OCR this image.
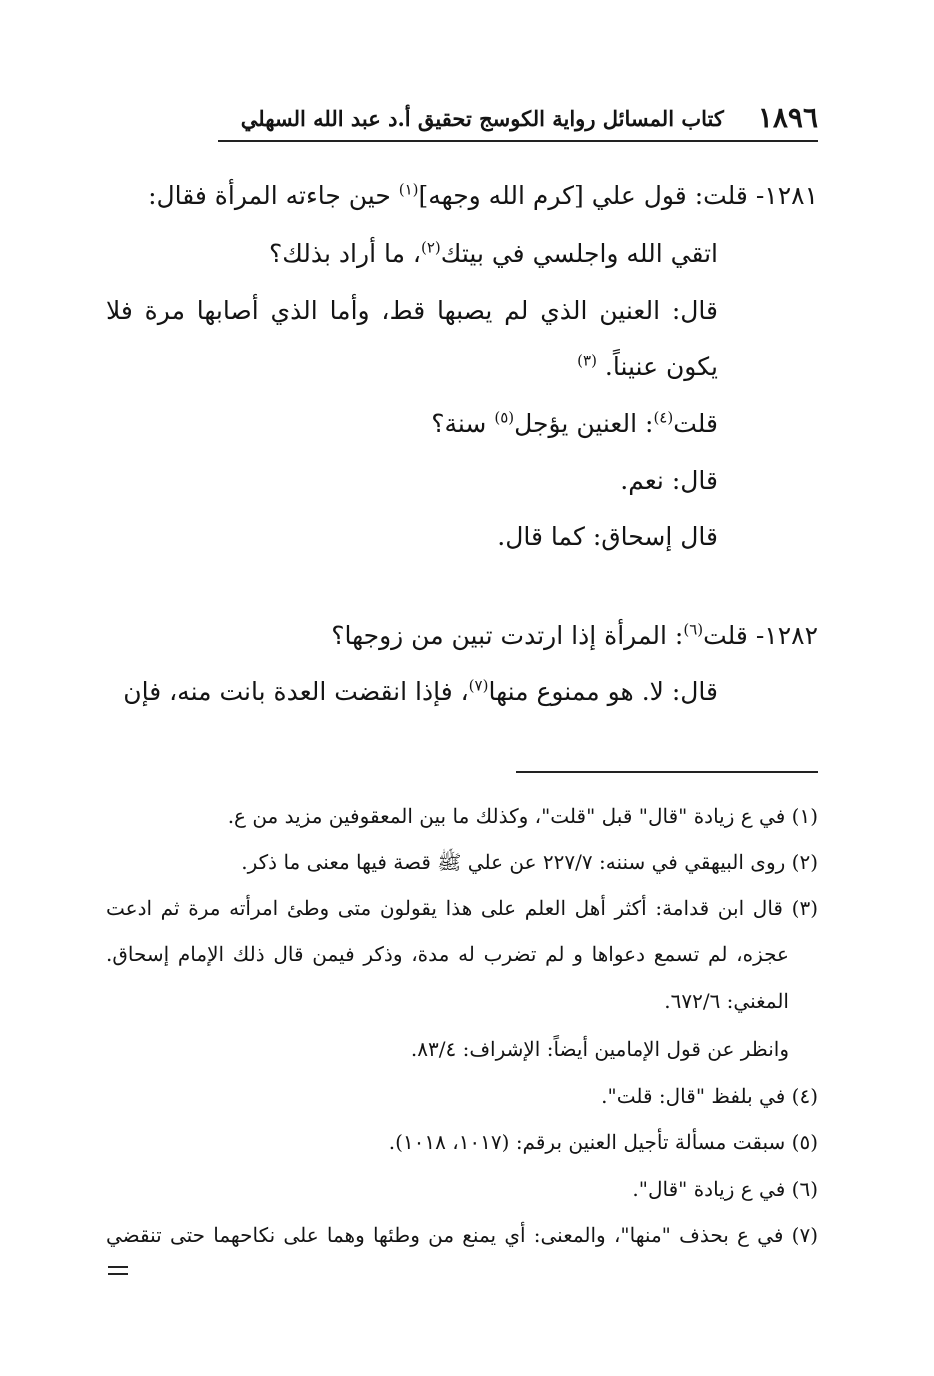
١٨٩٦
كتاب المسائل رواية الكوسج تحقيق أ.د عبد الله السهلي
١٢٨١- قلت: قول علي [كرم الله وجهه]$^{(١)}$ حين جاءته المرأة فقال:
اتقي الله واجلسي في بيتك$^{(٢)}$، ما أراد بذلك؟
قال: العنين الذي لم يصبها قط، وأما الذي أصابها مرة فلا
يكون عنيناً. $^{(٣)}$
قلت$^{(٤)}$: العنين يؤجل$^{(٥)}$ سنة؟
قال: نعم.
قال إسحاق: كما قال.
١٢٨٢- قلت$^{(٦)}$: المرأة إذا ارتدت تبين من زوجها؟
قال: لا. هو ممنوع منها$^{(٧)}$، فإذا انقضت العدة بانت منه، فإن
(١) في ع زيادة "قال" قبل "قلت"، وكذلك ما بين المعقوفين مزيد من ع.
(٢) روى البيهقي في سننه: ٢٢٧/٧ عن علي ﷺ قصة فيها معنى ما ذكر.
(٣) قال ابن قدامة: أكثر أهل العلم على هذا يقولون متى وطئ امرأته مرة ثم ادعت
عجزه، لم تسمع دعواها و لم تضرب له مدة، وذكر فيمن قال ذلك الإمام إسحاق.
المغني: ٦٧٢/٦.
وانظر عن قول الإمامين أيضاً: الإشراف: ٨٣/٤.
(٤) في بلفظ "قال: قلت".
(٥) سبقت مسألة تأجيل العنين برقم: (١٠١٧، ١٠١٨).
(٦) في ع زيادة "قال".
(٧) في ع بحذف "منها"، والمعنى: أي يمنع من وطئها وهما على نكاحهما حتى تنقضي
